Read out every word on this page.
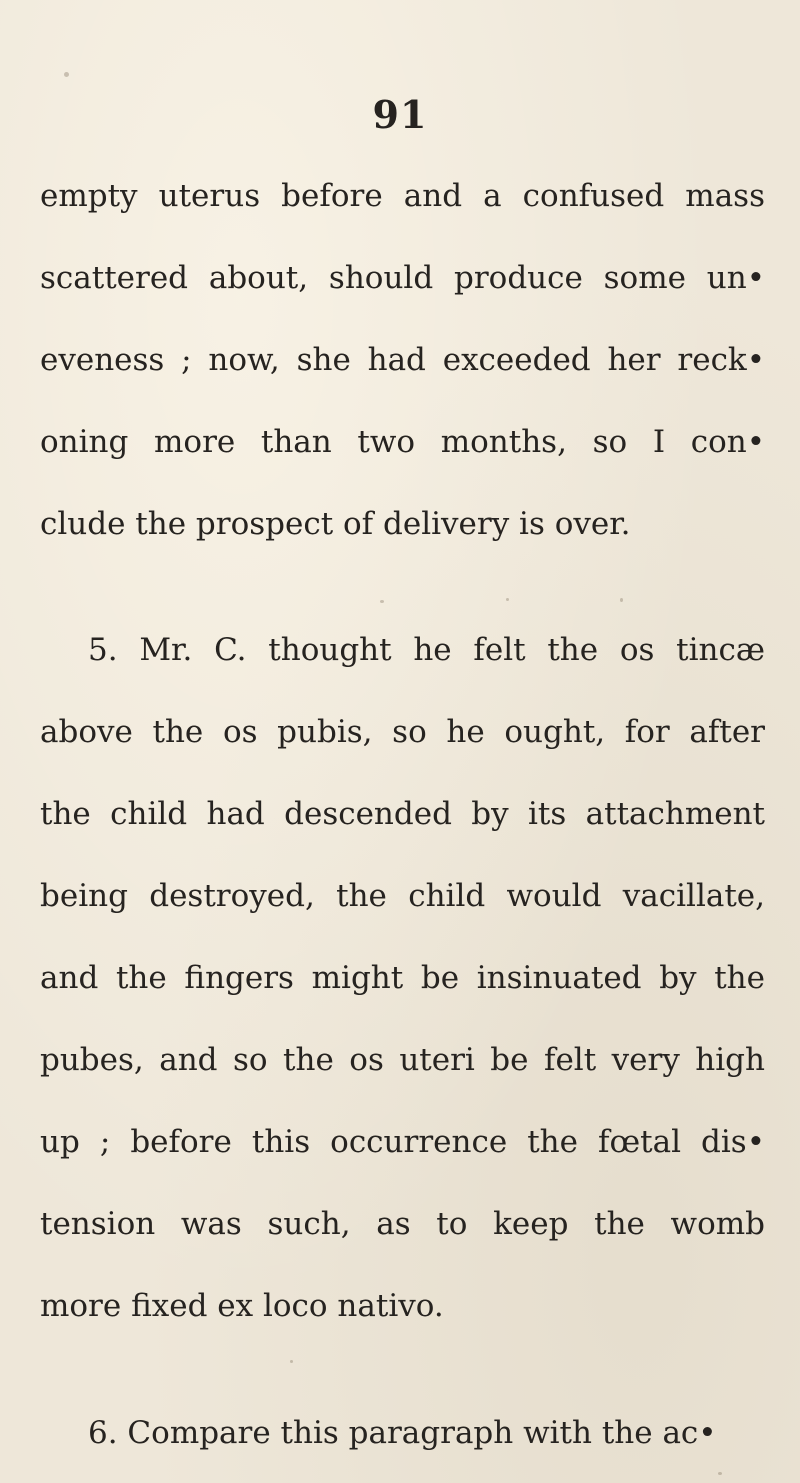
91
empty uterus before and a confused mass
scattered about, should produce some un•
eveness ; now, she had exceeded her reck•
oning more than two months, so I con•
clude the prospect of delivery is over.
5. Mr. C. thought he felt the os tincæ
above the os pubis, so he ought, for after
the child had descended by its attachment
being destroyed, the child would vacillate,
and the fingers might be insinuated by the
pubes, and so the os uteri be felt very high
up ; before this occurrence the fœtal dis•
tension was such, as to keep the womb
more fixed ex loco nativo.
6. Compare this paragraph with the ac•
